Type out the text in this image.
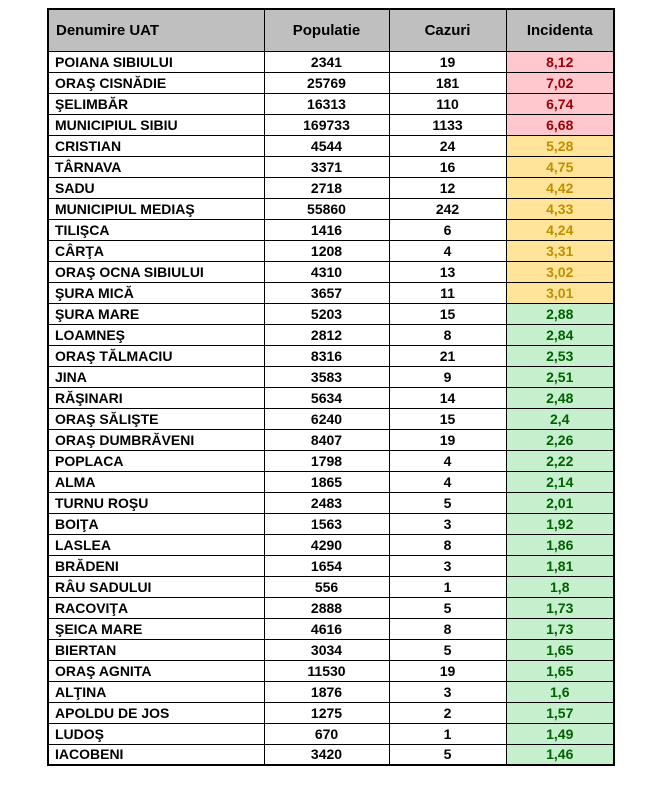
Denumire UAT	Populatie	Cazuri	Incidenta
POIANA SIBIULUI	2341	19	8,12
ORAŞ CISNĂDIE	25769	181	7,02
ŞELIMBĂR	16313	110	6,74
MUNICIPIUL SIBIU	169733	1133	6,68
CRISTIAN	4544	24	5,28
TÂRNAVA	3371	16	4,75
SADU	2718	12	4,42
MUNICIPIUL MEDIAŞ	55860	242	4,33
TILIŞCA	1416	6	4,24
CÂRŢA	1208	4	3,31
ORAŞ OCNA SIBIULUI	4310	13	3,02
ŞURA MICĂ	3657	11	3,01
ŞURA MARE	5203	15	2,88
LOAMNEŞ	2812	8	2,84
ORAŞ TĂLMACIU	8316	21	2,53
JINA	3583	9	2,51
RĂŞINARI	5634	14	2,48
ORAŞ SĂLIŞTE	6240	15	2,4
ORAŞ DUMBRĂVENI	8407	19	2,26
POPLACA	1798	4	2,22
ALMA	1865	4	2,14
TURNU ROŞU	2483	5	2,01
BOIŢA	1563	3	1,92
LASLEA	4290	8	1,86
BRĂDENI	1654	3	1,81
RÂU SADULUI	556	1	1,8
RACOVIŢA	2888	5	1,73
ŞEICA MARE	4616	8	1,73
BIERTAN	3034	5	1,65
ORAŞ AGNITA	11530	19	1,65
ALŢINA	1876	3	1,6
APOLDU DE JOS	1275	2	1,57
LUDOŞ	670	1	1,49
IACOBENI	3420	5	1,46
